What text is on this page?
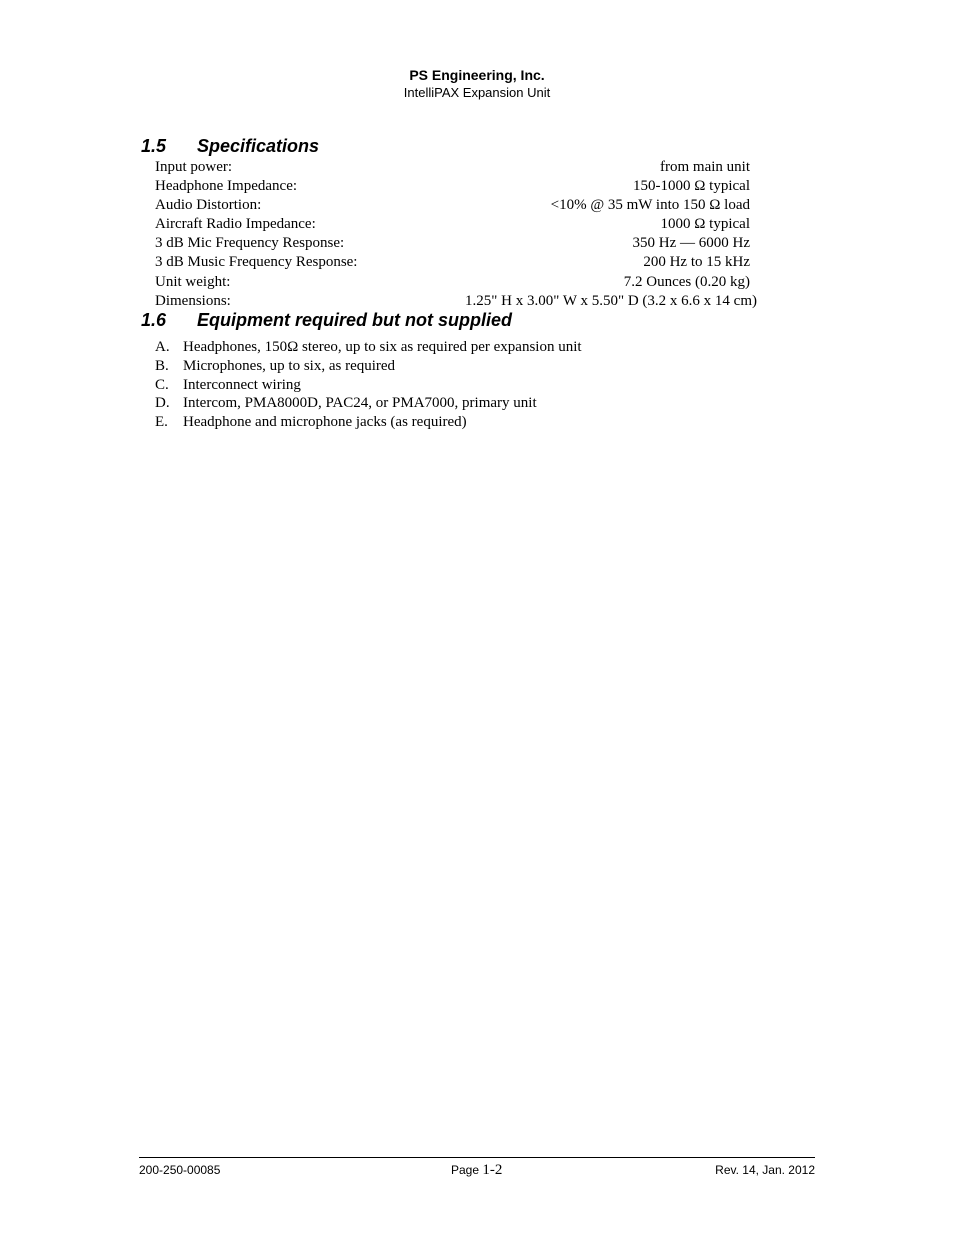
PS Engineering, Inc.
IntelliPAX Expansion Unit
1.5 Specifications
Input power:	from main unit
Headphone Impedance:	150-1000 Ω typical
Audio Distortion:	<10% @ 35 mW into 150 Ω load
Aircraft Radio Impedance:	1000 Ω typical
3 dB Mic Frequency Response:	350 Hz — 6000 Hz
3 dB Music Frequency Response:	200 Hz to 15 kHz
Unit weight:	7.2 Ounces (0.20 kg)
Dimensions:	1.25" H x 3.00" W x 5.50" D (3.2 x 6.6 x 14 cm)
1.6 Equipment required but not supplied
A. Headphones, 150Ω stereo, up to six as required per expansion unit
B. Microphones, up to six, as required
C. Interconnect wiring
D. Intercom, PMA8000D, PAC24, or PMA7000, primary unit
E. Headphone and microphone jacks (as required)
200-250-00085	Page 1-2	Rev. 14, Jan. 2012
